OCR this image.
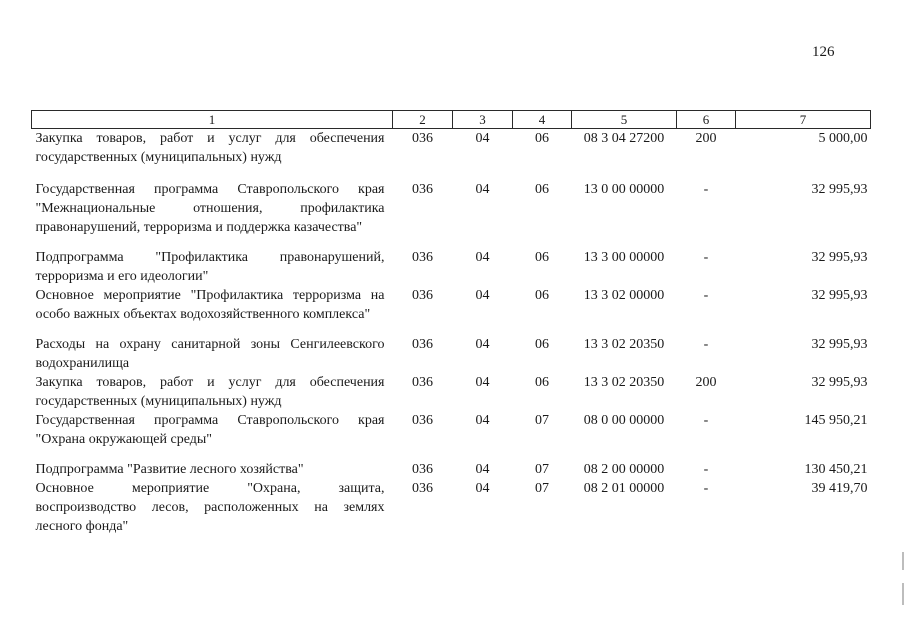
126
1	2	3	4	5	6	7
Закупка товаров, работ и услуг для обеспечения государственных (муниципальных) нужд	036	04	06	08 3 04 27200	200	5 000,00
Государственная программа Ставропольского края "Межнациональные отношения, профилактика правонарушений, терроризма и поддержка казачества"	036	04	06	13 0 00 00000	-	32 995,93
Подпрограмма "Профилактика правонарушений, терроризма и его идеологии"	036	04	06	13 3 00 00000	-	32 995,93
Основное мероприятие "Профилактика терроризма на особо важных объектах водохозяйственного комплекса"	036	04	06	13 3 02 00000	-	32 995,93
Расходы на охрану санитарной зоны Сенгилеевского водохранилища	036	04	06	13 3 02 20350	-	32 995,93
Закупка товаров, работ и услуг для обеспечения государственных (муниципальных) нужд	036	04	06	13 3 02 20350	200	32 995,93
Государственная программа Ставропольского края "Охрана окружающей среды"	036	04	07	08 0 00 00000	-	145 950,21
Подпрограмма "Развитие лесного хозяйства"	036	04	07	08 2 00 00000	-	130 450,21
Основное мероприятие "Охрана, защита, воспроизводство лесов, расположенных на землях лесного фонда"	036	04	07	08 2 01 00000	-	39 419,70
